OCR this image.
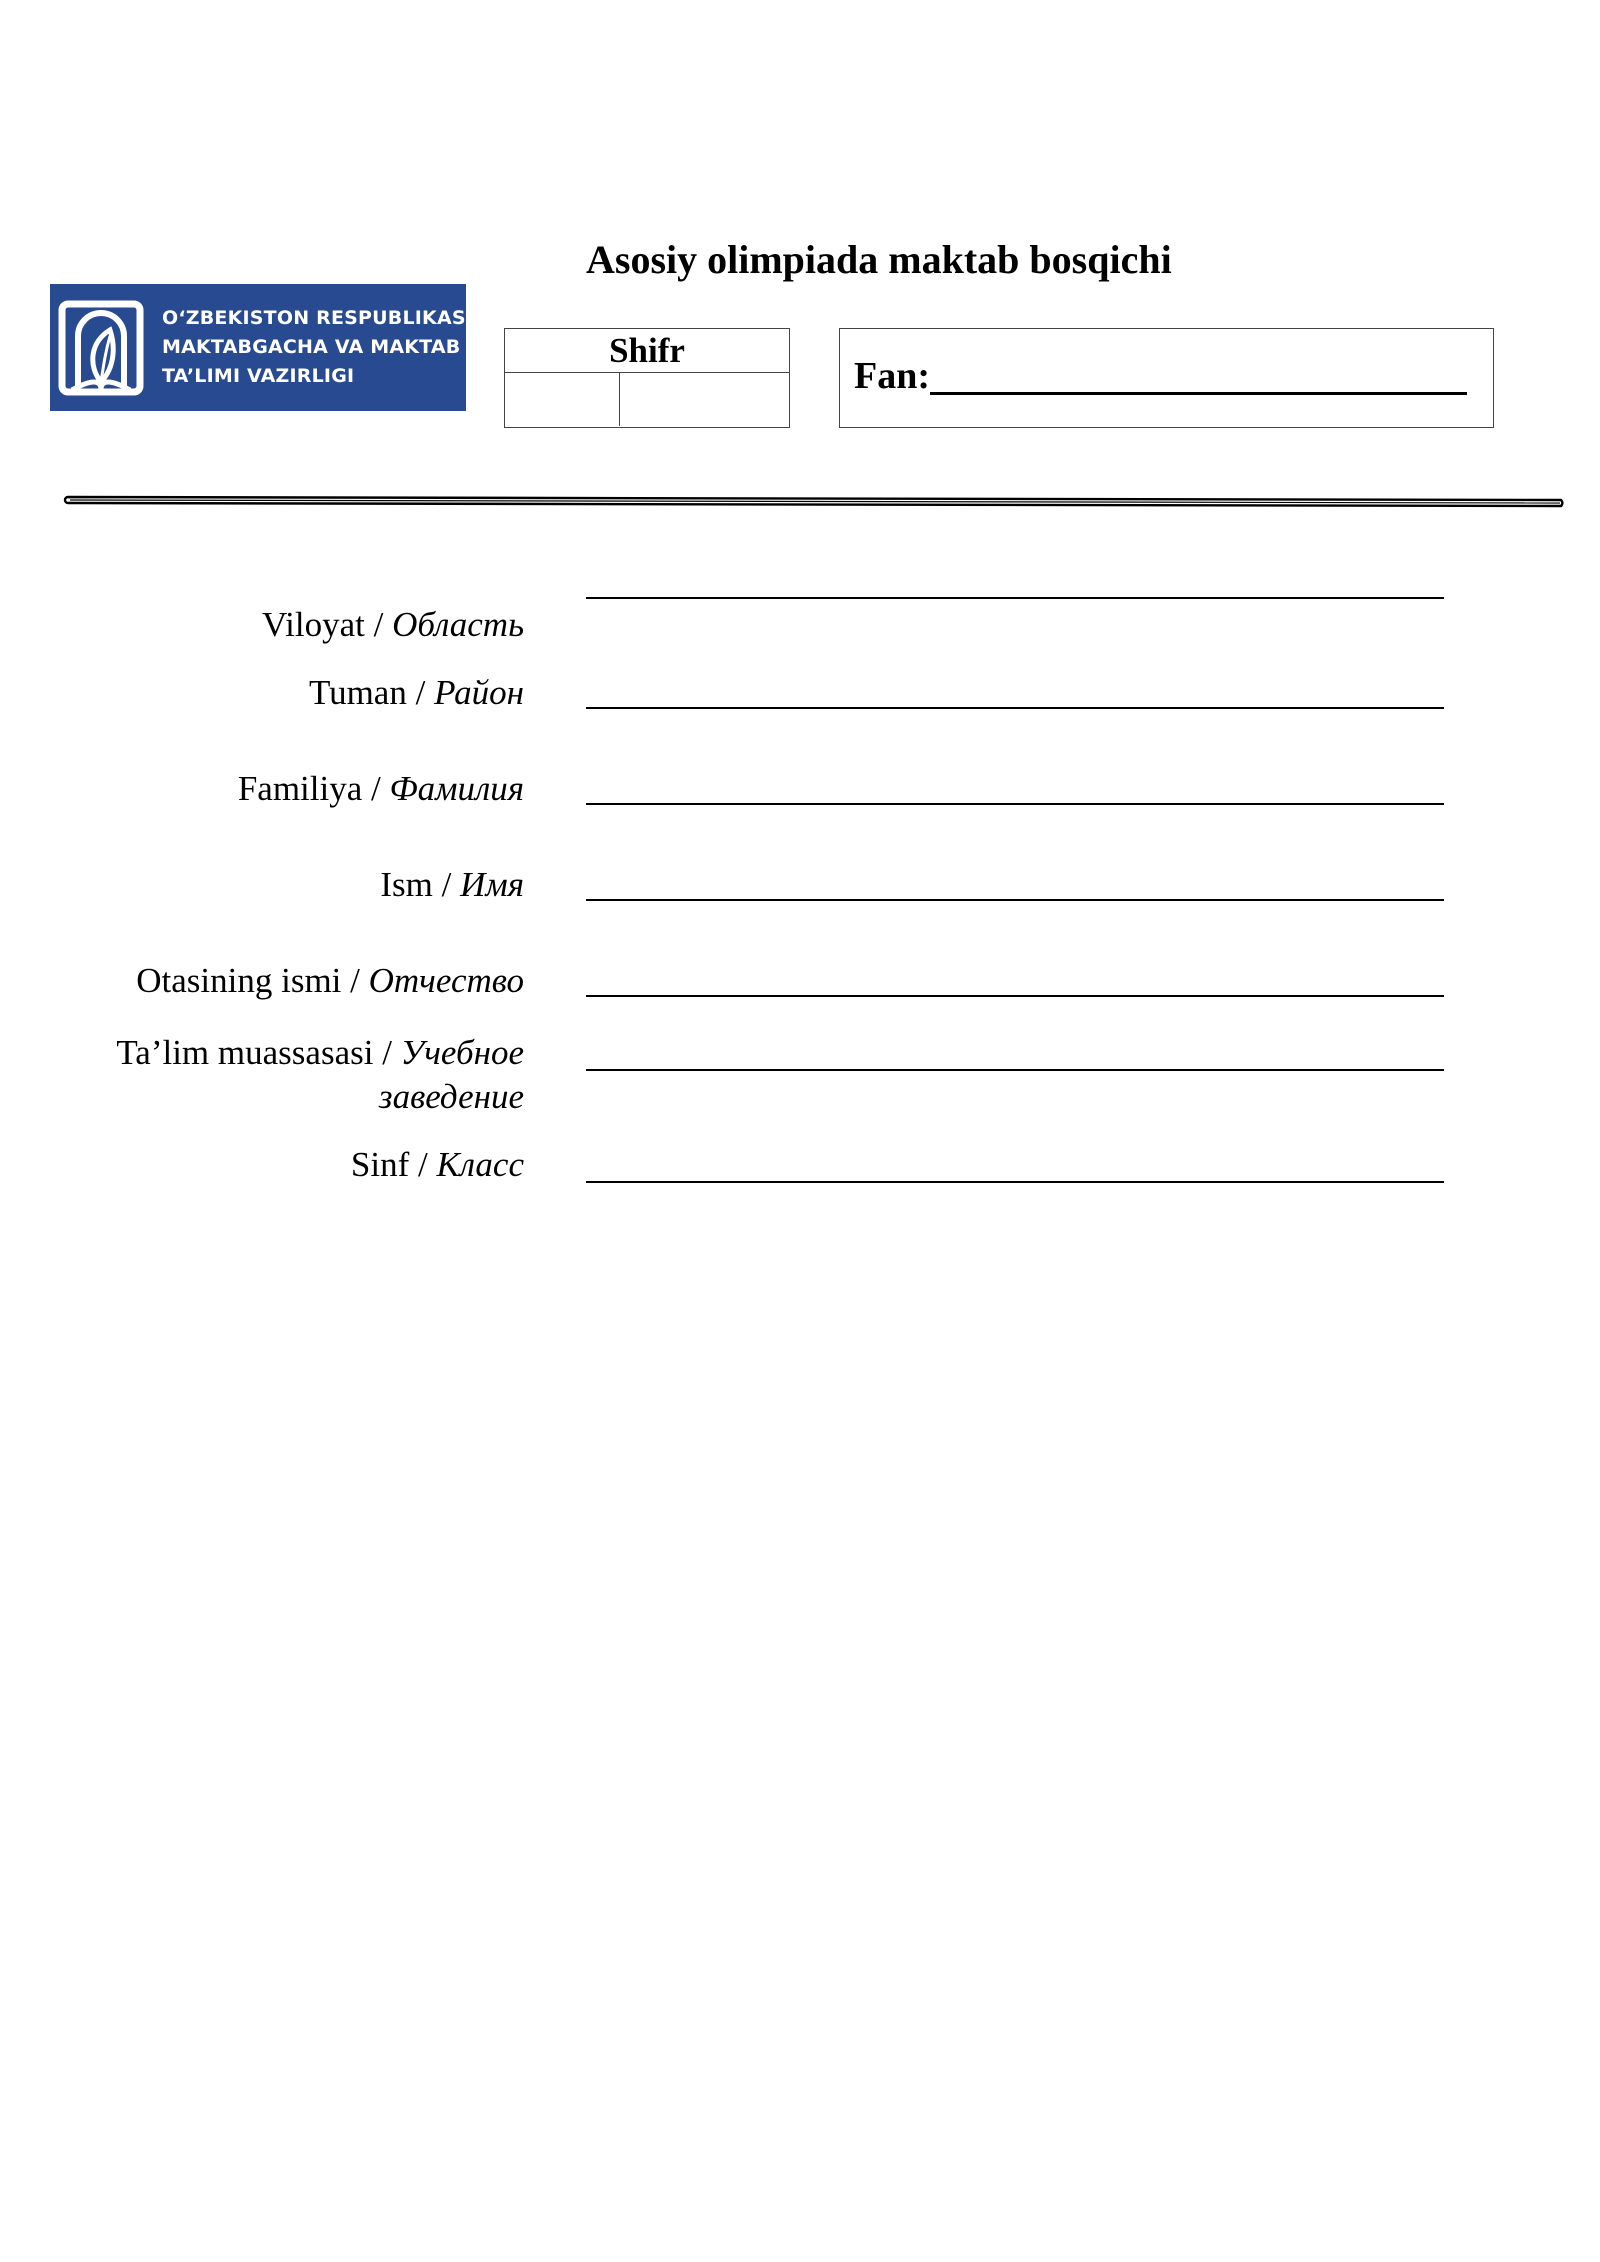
O‘ZBEKISTON RESPUBLIKASI
MAKTABGACHA VA MAKTAB
TA’LIMI VAZIRLIGI
Asosiy olimpiada maktab bosqichi
Shifr
Fan:
Viloyat / Область
Tuman / Район
Familiya / Фамилия
Ism / Имя
Otasining ismi / Отчество
Ta’lim muassasasi / Учебное
заведение
Sinf / Класс
